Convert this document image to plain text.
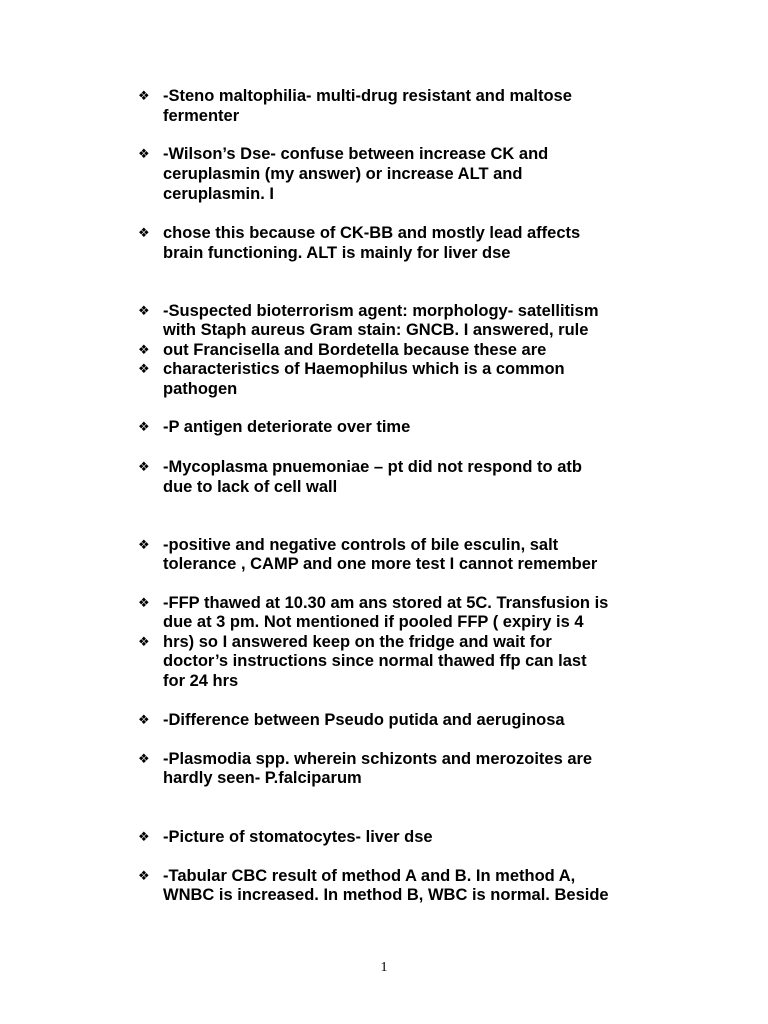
❖
❖
❖
❖
❖
❖
❖
❖
❖
❖
❖
❖
❖
❖
❖
-Steno maltophilia- multi-drug resistant and maltose
fermenter
-Wilson’s Dse- confuse between increase CK and
ceruplasmin (my answer) or increase ALT and
ceruplasmin. I
chose this because of CK-BB and mostly lead affects
brain functioning. ALT is mainly for liver dse
-Suspected bioterrorism agent: morphology- satellitism
with Staph aureus Gram stain: GNCB. I answered, rule
out Francisella and Bordetella because these are
characteristics of Haemophilus which is a common
pathogen
-P antigen deteriorate over time
-Mycoplasma pnuemoniae – pt did not respond to atb
due to lack of cell wall
-positive and negative controls of bile esculin, salt
tolerance , CAMP and one more test I cannot remember
-FFP thawed at 10.30 am ans stored at 5C. Transfusion is
due at 3 pm. Not mentioned if pooled FFP ( expiry is 4
hrs) so I answered keep on the fridge and wait for
doctor’s instructions since normal thawed ffp can last
for 24 hrs
-Difference between Pseudo putida and aeruginosa
-Plasmodia spp. wherein schizonts and merozoites are
hardly seen- P.falciparum
-Picture of stomatocytes- liver dse
-Tabular CBC result of method A and B. In method A,
WNBC is increased. In method B, WBC is normal. Beside
1
